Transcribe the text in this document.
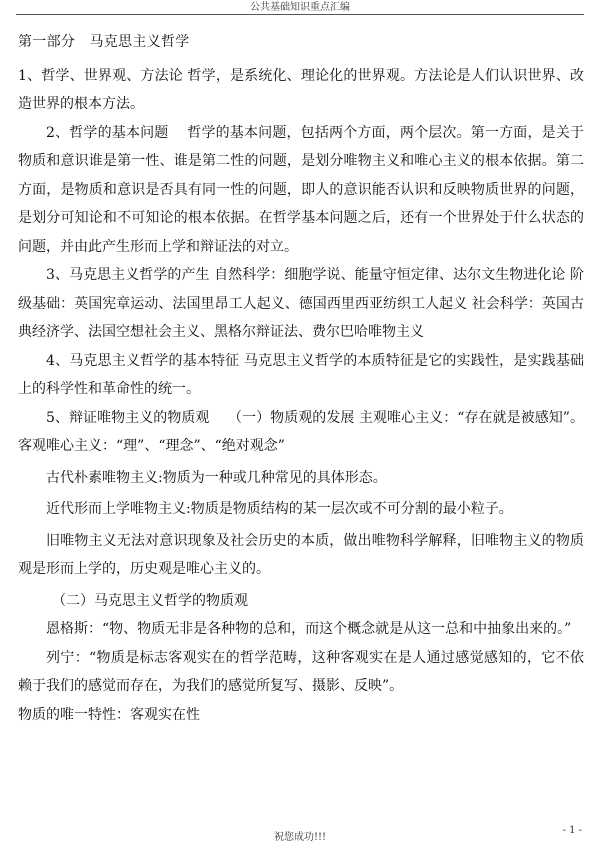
公共基础知识重点汇编

第一部分　马克思主义哲学

1、哲学、世界观、方法论 哲学，是系统化、理论化的世界观。方法论是人们认识世界、改造世界的根本方法。

2、哲学的基本问题　 哲学的基本问题，包括两个方面，两个层次。第一方面，是关于物质和意识谁是第一性、谁是第二性的问题，是划分唯物主义和唯心主义的根本依据。第二方面，是物质和意识是否具有同一性的问题，即人的意识能否认识和反映物质世界的问题，是划分可知论和不可知论的根本依据。在哲学基本问题之后，还有一个世界处于什么状态的问题，并由此产生形而上学和辩证法的对立。

3、马克思主义哲学的产生 自然科学：细胞学说、能量守恒定律、达尔文生物进化论 阶级基础：英国宪章运动、法国里昂工人起义、德国西里西亚纺织工人起义 社会科学：英国古典经济学、法国空想社会主义、黑格尔辩证法、费尔巴哈唯物主义

4、马克思主义哲学的基本特征 马克思主义哲学的本质特征是它的实践性，是实践基础上的科学性和革命性的统一。

5、辩证唯物主义的物质观　 （一）物质观的发展 主观唯心主义：“存在就是被感知”。客观唯心主义：“理”、“理念”、“绝对观念”

古代朴素唯物主义:物质为一种或几种常见的具体形态。

近代形而上学唯物主义:物质是物质结构的某一层次或不可分割的最小粒子。

旧唯物主义无法对意识现象及社会历史的本质，做出唯物科学解释，旧唯物主义的物质观是形而上学的，历史观是唯心主义的。

（二）马克思主义哲学的物质观

恩格斯：“物、物质无非是各种物的总和，而这个概念就是从这一总和中抽象出来的。”

列宁：“物质是标志客观实在的哲学范畴，这种客观实在是人通过感觉感知的，它不依赖于我们的感觉而存在，为我们的感觉所复写、摄影、反映”。

物质的唯一特性：客观实在性

祝您成功!!!
- 1 -
